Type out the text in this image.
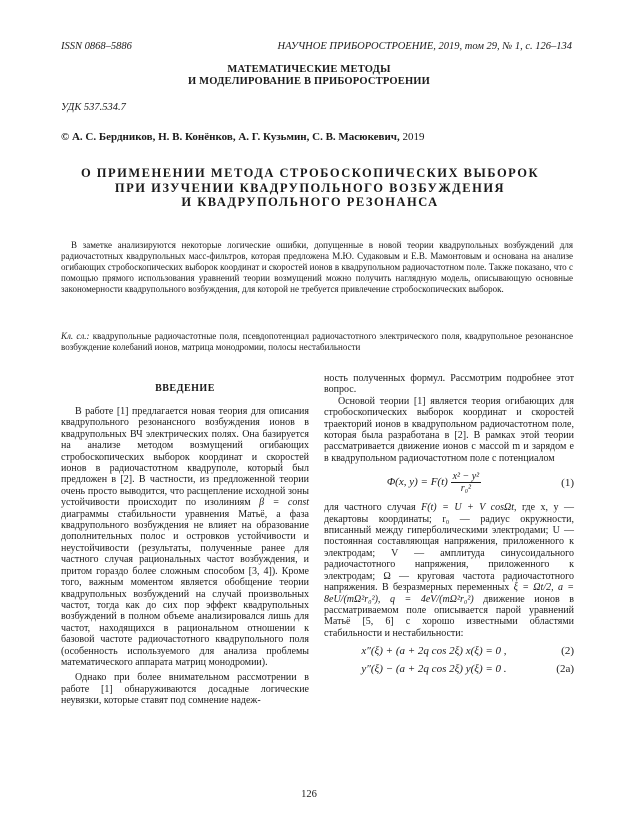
ISSN 0868–5886	НАУЧНОЕ ПРИБОРОСТРОЕНИЕ, 2019, том 29, № 1, с. 126–134
МАТЕМАТИЧЕСКИЕ МЕТОДЫ
И МОДЕЛИРОВАНИЕ В ПРИБОРОСТРОЕНИИ
УДК 537.534.7
© А. С. Бердников, Н. В. Конёнков, А. Г. Кузьмин, С. В. Масюкевич, 2019
О ПРИМЕНЕНИИ МЕТОДА СТРОБОСКОПИЧЕСКИХ ВЫБОРОК
ПРИ ИЗУЧЕНИИ КВАДРУПОЛЬНОГО ВОЗБУЖДЕНИЯ
И КВАДРУПОЛЬНОГО РЕЗОНАНСА
В заметке анализируются некоторые логические ошибки, допущенные в новой теории квадрупольных возбуждений для радиочастотных квадрупольных масс-фильтров, которая предложена М.Ю. Судаковым и Е.В. Мамонтовым и основана на анализе огибающих стробоскопических выборок координат и скоростей ионов в квадрупольном радиочастотном поле. Также показано, что с помощью прямого использования уравнений теории возмущений можно получить наглядную модель, описывающую основные закономерности квадрупольного возбуждения, для которой не требуется привлечение стробоскопических выборок.
Кл. сл.: квадрупольные радиочастотные поля, псевдопотенциал радиочастотного электрического поля, квадрупольное резонансное возбуждение колебаний ионов, матрица монодромии, полосы нестабильности
ВВЕДЕНИЕ

В работе [1] предлагается новая теория для описания квадрупольного резонансного возбуждения ионов в квадрупольных ВЧ электрических полях. Она базируется на анализе методом возмущений огибающих стробоскопических выборок координат и скоростей ионов в радиочастотном квадруполе, который был предложен в [2]. В частности, из предложенной теории очень просто выводится, что расщепление исходной зоны устойчивости происходит по изолиниям β = const диаграммы стабильности уравнения Матьё, а фаза квадрупольного возбуждения не влияет на образование дополнительных полос и островков устойчивости и неустойчивости (результаты, полученные ранее для частного случая рациональных частот возбуждения, и притом гораздо более сложным способом [3, 4]). Кроме того, важным моментом является обобщение теории квадрупольных возбуждений на случай произвольных частот, тогда как до сих пор эффект квадрупольных возбуждений в полном объеме анализировался лишь для частот, находящихся в рациональном отношении к базовой частоте радиочастотного квадрупольного поля (особенность используемого для анализа проблемы математического аппарата матриц монодромии).

Однако при более внимательном рассмотрении в работе [1] обнаруживаются досадные логические неувязки, которые ставят под сомнение надеж-

ность полученных формул. Рассмотрим подробнее этот вопрос.

Основой теории [1] является теория огибающих для стробоскопических выборок координат и скоростей траекторий ионов в квадрупольном радиочастотном поле, которая была разработана в [2]. В рамках этой теории рассматривается движение ионов с массой m и зарядом e в квадрупольном радиочастотном поле с потенциалом

Φ(x, $y) = F(t) \frac{\text{x² − y²}}{\text{r₀²}}$	(1)

для частного случая F(t) = U + V cosΩt, где x, y — декартовы координаты; r₀ — радиус окружности, вписанный между гиперболическими электродами; U — постоянная составляющая напряжения, приложенного к электродам; V — амплитуда синусоидального радиочастотного напряжения, приложенного к электродам; Ω — круговая частота радиочастотного напряжения. В безразмерных переменных ξ = Ωt/2, a = 8eU/(mΩ²r₀²), q = 4eV/(mΩ²r₀²) движение ионов в рассматриваемом поле описывается парой уравнений Матьё [5, 6] с хорошо известными областями стабильности и нестабильности:

x″(ξ) + (a + 2q cos 2ξ) x(ξ) = 0 ,	(2)
y″(ξ) − (a + 2q cos 2ξ) y(ξ) = 0 .	(2a)
126
